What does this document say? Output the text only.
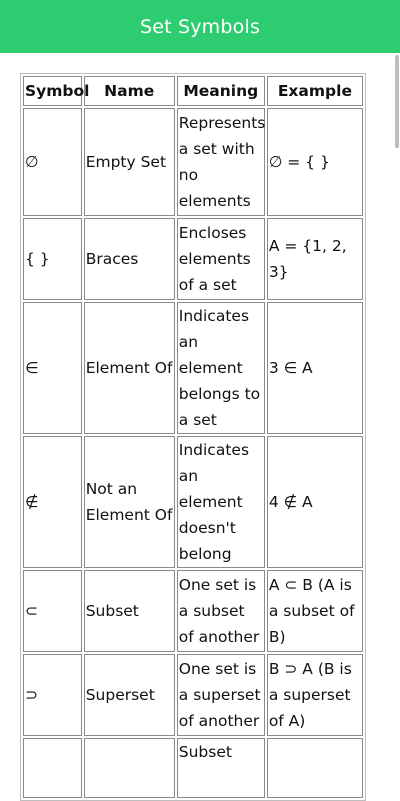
Set Symbols
Symbol	Name	Meaning	Example
∅	Empty Set	Represents a set with no elements	∅ = { }
{ }	Braces	Encloses elements of a set	A = {1, 2, 3}
∈	Element Of	Indicates an element belongs to a set	3 ∈ A
∉	Not an Element Of	Indicates an element doesn't belong	4 ∉ A
⊂	Subset	One set is a subset of another	A ⊂ B (A is a subset of B)
⊃	Superset	One set is a superset of another	B ⊃ A (B is a superset of A)
		Subset	
